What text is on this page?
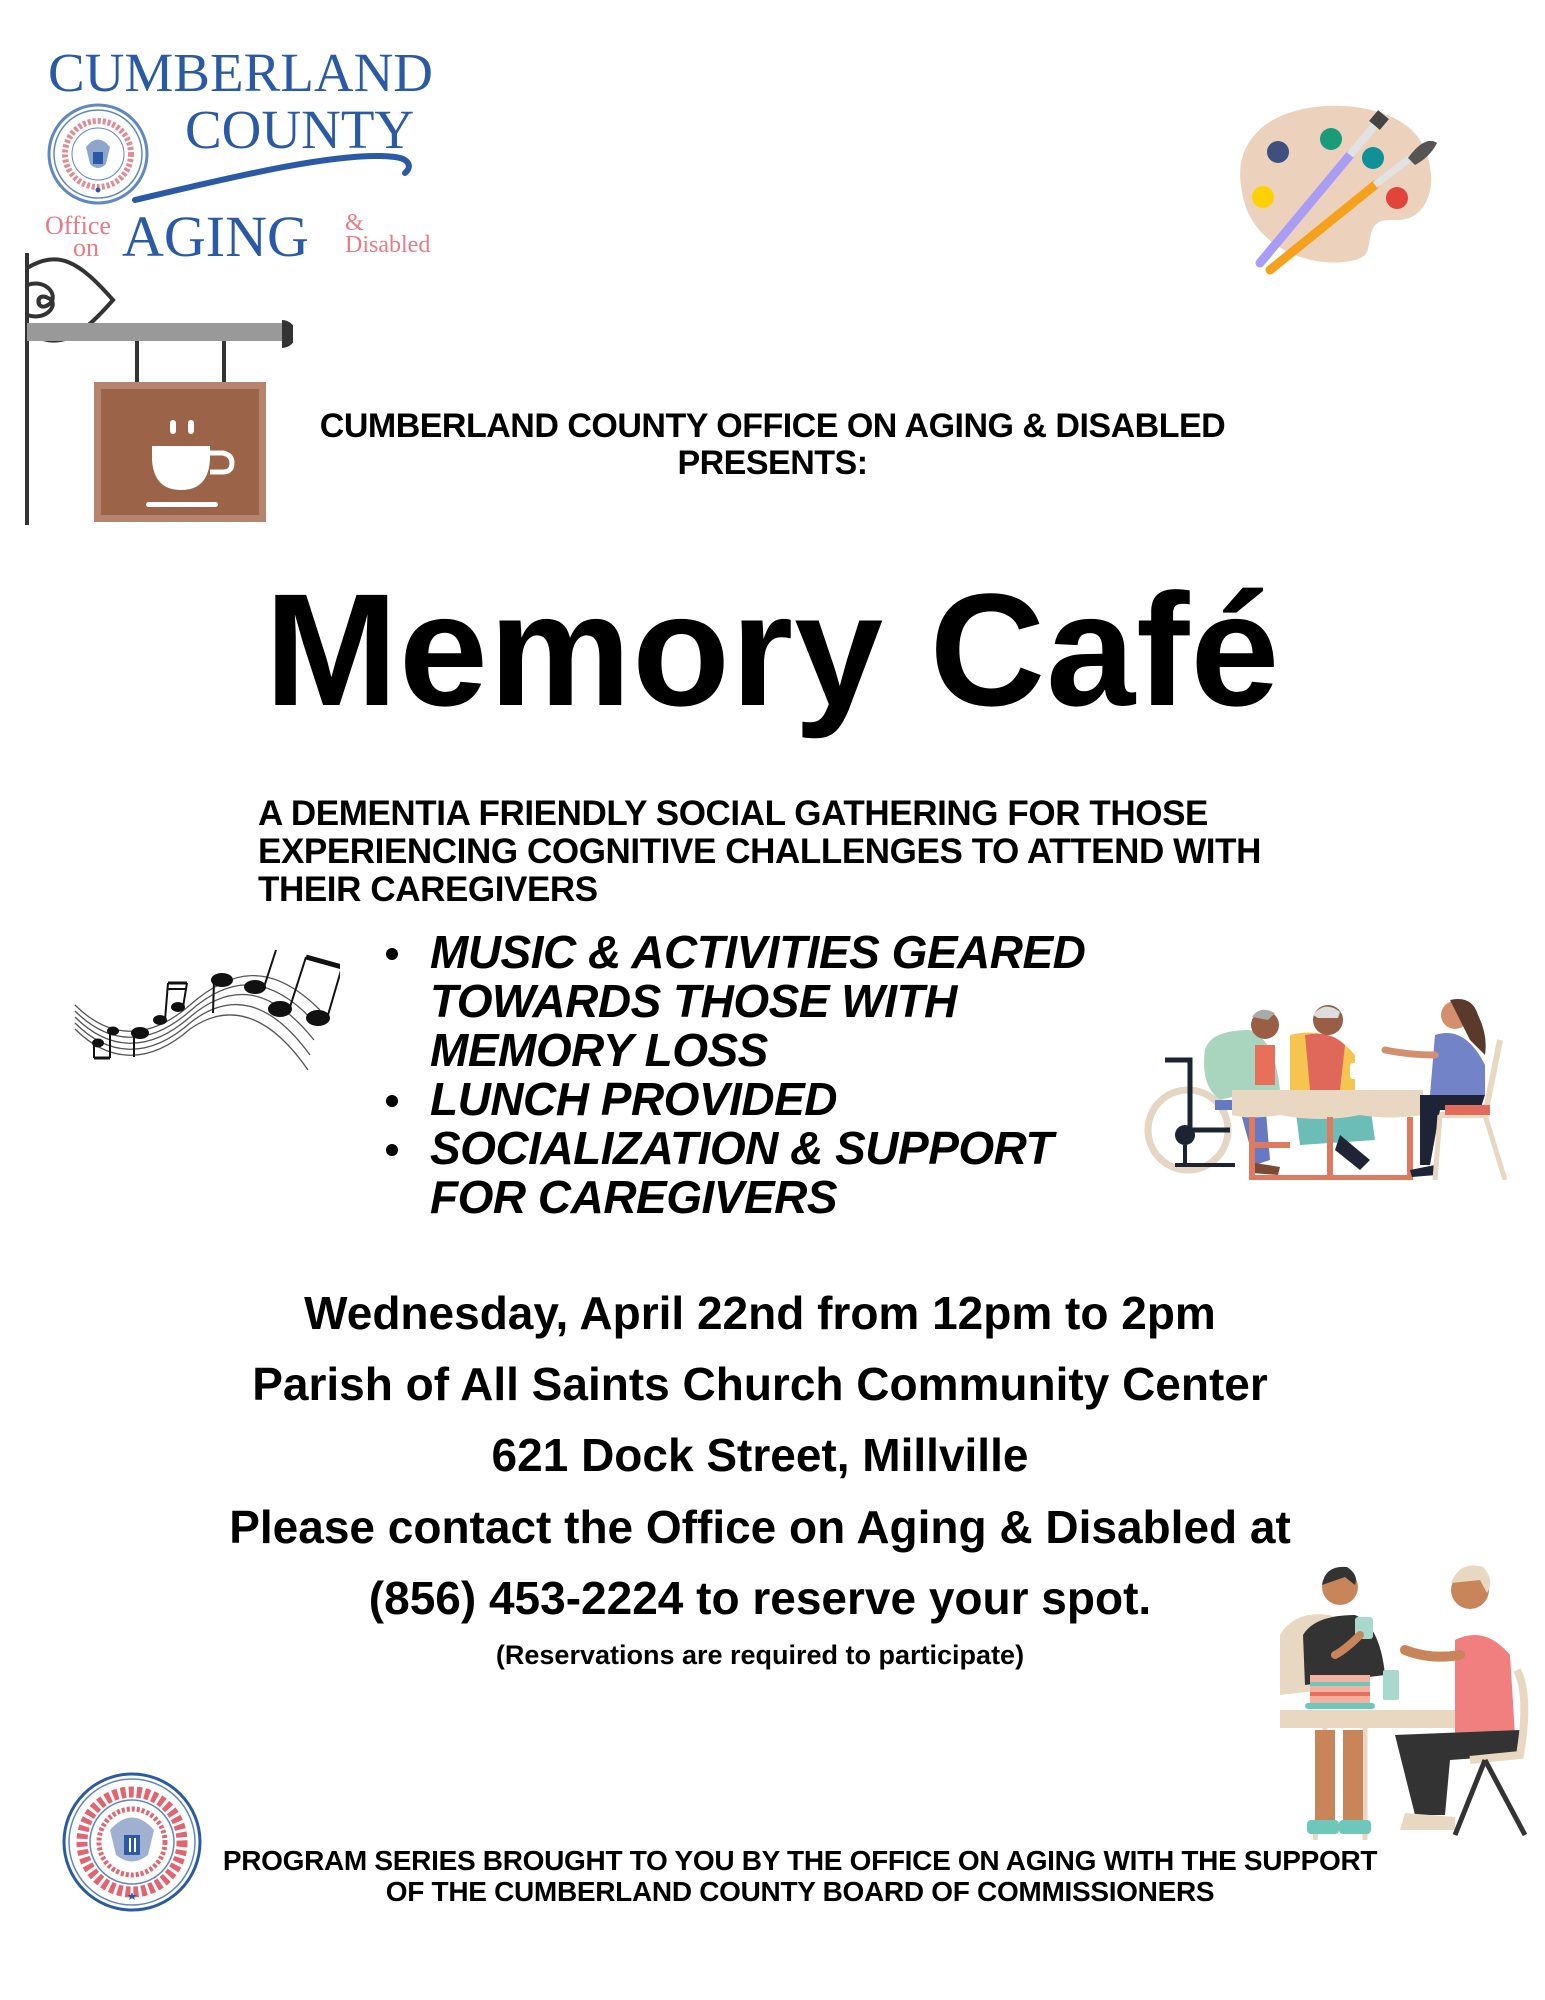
CUMBERLAND
COUNTY
Office
on AGING &
Disabled
CUMBERLAND COUNTY OFFICE ON AGING & DISABLED
PRESENTS:
Memory Café
A DEMENTIA FRIENDLY SOCIAL GATHERING FOR THOSE EXPERIENCING COGNITIVE CHALLENGES TO ATTEND WITH THEIR CAREGIVERS
MUSIC & ACTIVITIES GEARED
TOWARDS THOSE WITH
MEMORY LOSS
LUNCH PROVIDED
SOCIALIZATION & SUPPORT
FOR CAREGIVERS
Wednesday, April 22nd from 12pm to 2pm
Parish of All Saints Church Community Center
621 Dock Street, Millville
Please contact the Office on Aging & Disabled at
(856) 453-2224 to reserve your spot.
(Reservations are required to participate)
PROGRAM SERIES BROUGHT TO YOU BY THE OFFICE ON AGING WITH THE SUPPORT
OF THE CUMBERLAND COUNTY BOARD OF COMMISSIONERS
